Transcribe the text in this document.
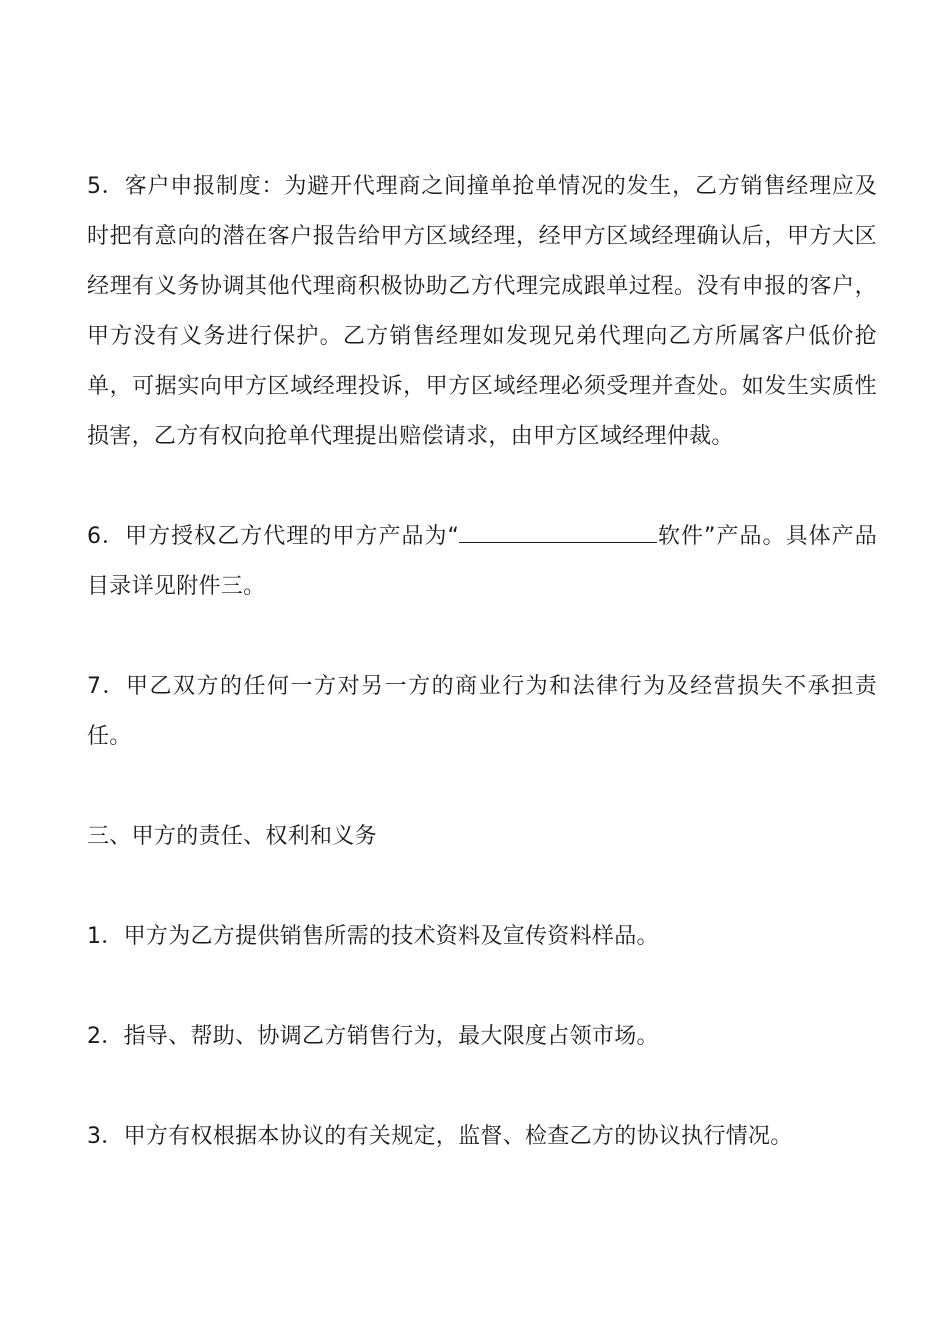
5．客户申报制度：为避开代理商之间撞单抢单情况的发生，乙方销售经理应及时把有意向的潜在客户报告给甲方区域经理，经甲方区域经理确认后，甲方大区经理有义务协调其他代理商积极协助乙方代理完成跟单过程。没有申报的客户，甲方没有义务进行保护。乙方销售经理如发现兄弟代理向乙方所属客户低价抢单，可据实向甲方区域经理投诉，甲方区域经理必须受理并查处。如发生实质性损害，乙方有权向抢单代理提出赔偿请求，由甲方区域经理仲裁。

6．甲方授权乙方代理的甲方产品为“	软件”产品。具体产品目录详见附件三。

7．甲乙双方的任何一方对另一方的商业行为和法律行为及经营损失不承担责任。

三、甲方的责任、权利和义务

1．甲方为乙方提供销售所需的技术资料及宣传资料样品。

2．指导、帮助、协调乙方销售行为，最大限度占领市场。

3．甲方有权根据本协议的有关规定，监督、检查乙方的协议执行情况。
